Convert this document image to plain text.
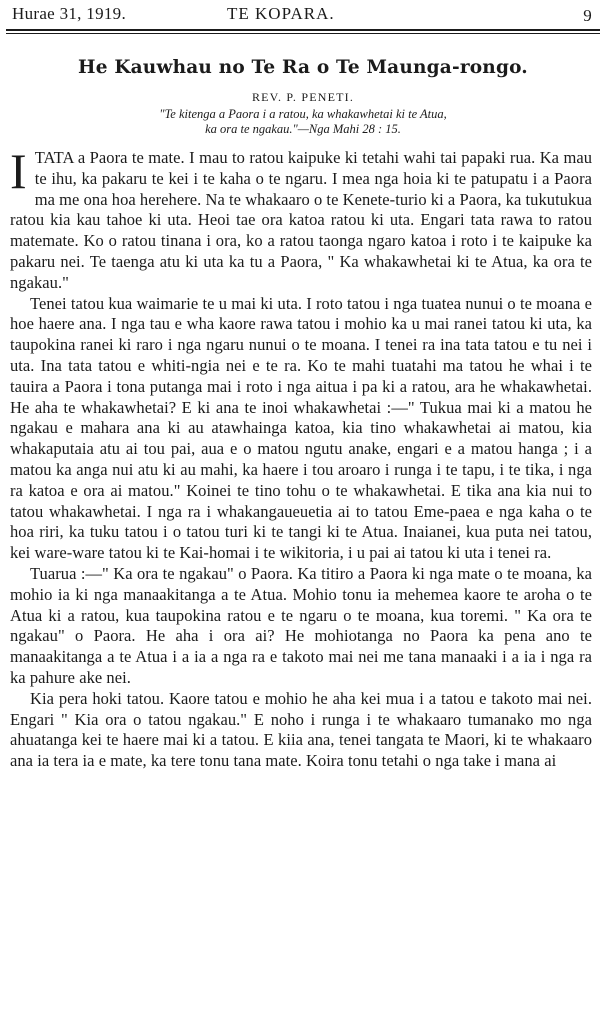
Hurae 31, 1919.	TE KOPARA.	9
He Kauwhau no Te Ra o Te Maunga-rongo.
REV. P. PENETI.
"Te kitenga a Paora i a ratou, ka whakawhetai ki te Atua,
ka ora te ngakau."—Nga Mahi 28 : 15.

ITATA a Paora te mate. I mau to ratou kaipuke ki tetahi wahi tai papaki rua. Ka mau te ihu, ka pakaru te kei i te kaha o te ngaru. I mea nga hoia ki te patupatu i a Paora ma me ona hoa herehere. Na te whakaaro o te Kenete-turio ki a Paora, ka tukutukua ratou kia kau tahoe ki uta. Heoi tae ora katoa ratou ki uta. Engari tata rawa to ratou matemate. Ko o ratou tinana i ora, ko a ratou taonga ngaro katoa i roto i te kaipuke ka pakaru nei. Te taenga atu ki uta ka tu a Paora, " Ka whakawhetai ki te Atua, ka ora te ngakau."

Tenei tatou kua waimarie te u mai ki uta. I roto tatou i nga tuatea nunui o te moana e hoe haere ana. I nga tau e wha kaore rawa tatou i mohio ka u mai ranei tatou ki uta, ka taupokina ranei ki raro i nga ngaru nunui o te moana. I tenei ra ina tata tatou e tu nei i uta. Ina tata tatou e whiti-ngia nei e te ra. Ko te mahi tuatahi ma tatou he whai i te tauira a Paora i tona putanga mai i roto i nga aitua i pa ki a ratou, ara he whakawhetai. He aha te whakawhetai? E ki ana te inoi whakawhetai :—" Tukua mai ki a matou he ngakau e mahara ana ki au atawhainga katoa, kia tino whakawhetai ai matou, kia whakaputaia atu ai tou pai, aua e o matou ngutu anake, engari e a matou hanga ; i a matou ka anga nui atu ki au mahi, ka haere i tou aroaro i runga i te tapu, i te tika, i nga ra katoa e ora ai matou." Koinei te tino tohu o te whakawhetai. E tika ana kia nui to tatou whakawhetai. I nga ra i whakangaueuetia ai to tatou Eme-paea e nga kaha o te hoa riri, ka tuku tatou i o tatou turi ki te tangi ki te Atua. Inaianei, kua puta nei tatou, kei ware-ware tatou ki te Kai-homai i te wikitoria, i u pai ai tatou ki uta i tenei ra.

Tuarua :—" Ka ora te ngakau" o Paora. Ka titiro a Paora ki nga mate o te moana, ka mohio ia ki nga manaakitanga a te Atua. Mohio tonu ia mehemea kaore te aroha o te Atua ki a ratou, kua taupokina ratou e te ngaru o te moana, kua toremi. " Ka ora te ngakau" o Paora. He aha i ora ai? He mohiotanga no Paora ka pena ano te manaakitanga a te Atua i a ia a nga ra e takoto mai nei me tana manaaki i a ia i nga ra ka pahure ake nei.

Kia pera hoki tatou. Kaore tatou e mohio he aha kei mua i a tatou e takoto mai nei. Engari " Kia ora o tatou ngakau." E noho i runga i te whakaaro tumanako mo nga ahuatanga kei te haere mai ki a tatou. E kiia ana, tenei tangata te Maori, ki te whakaaro ana ia tera ia e mate, ka tere tonu tana mate. Koira tonu tetahi o nga take i mana ai
